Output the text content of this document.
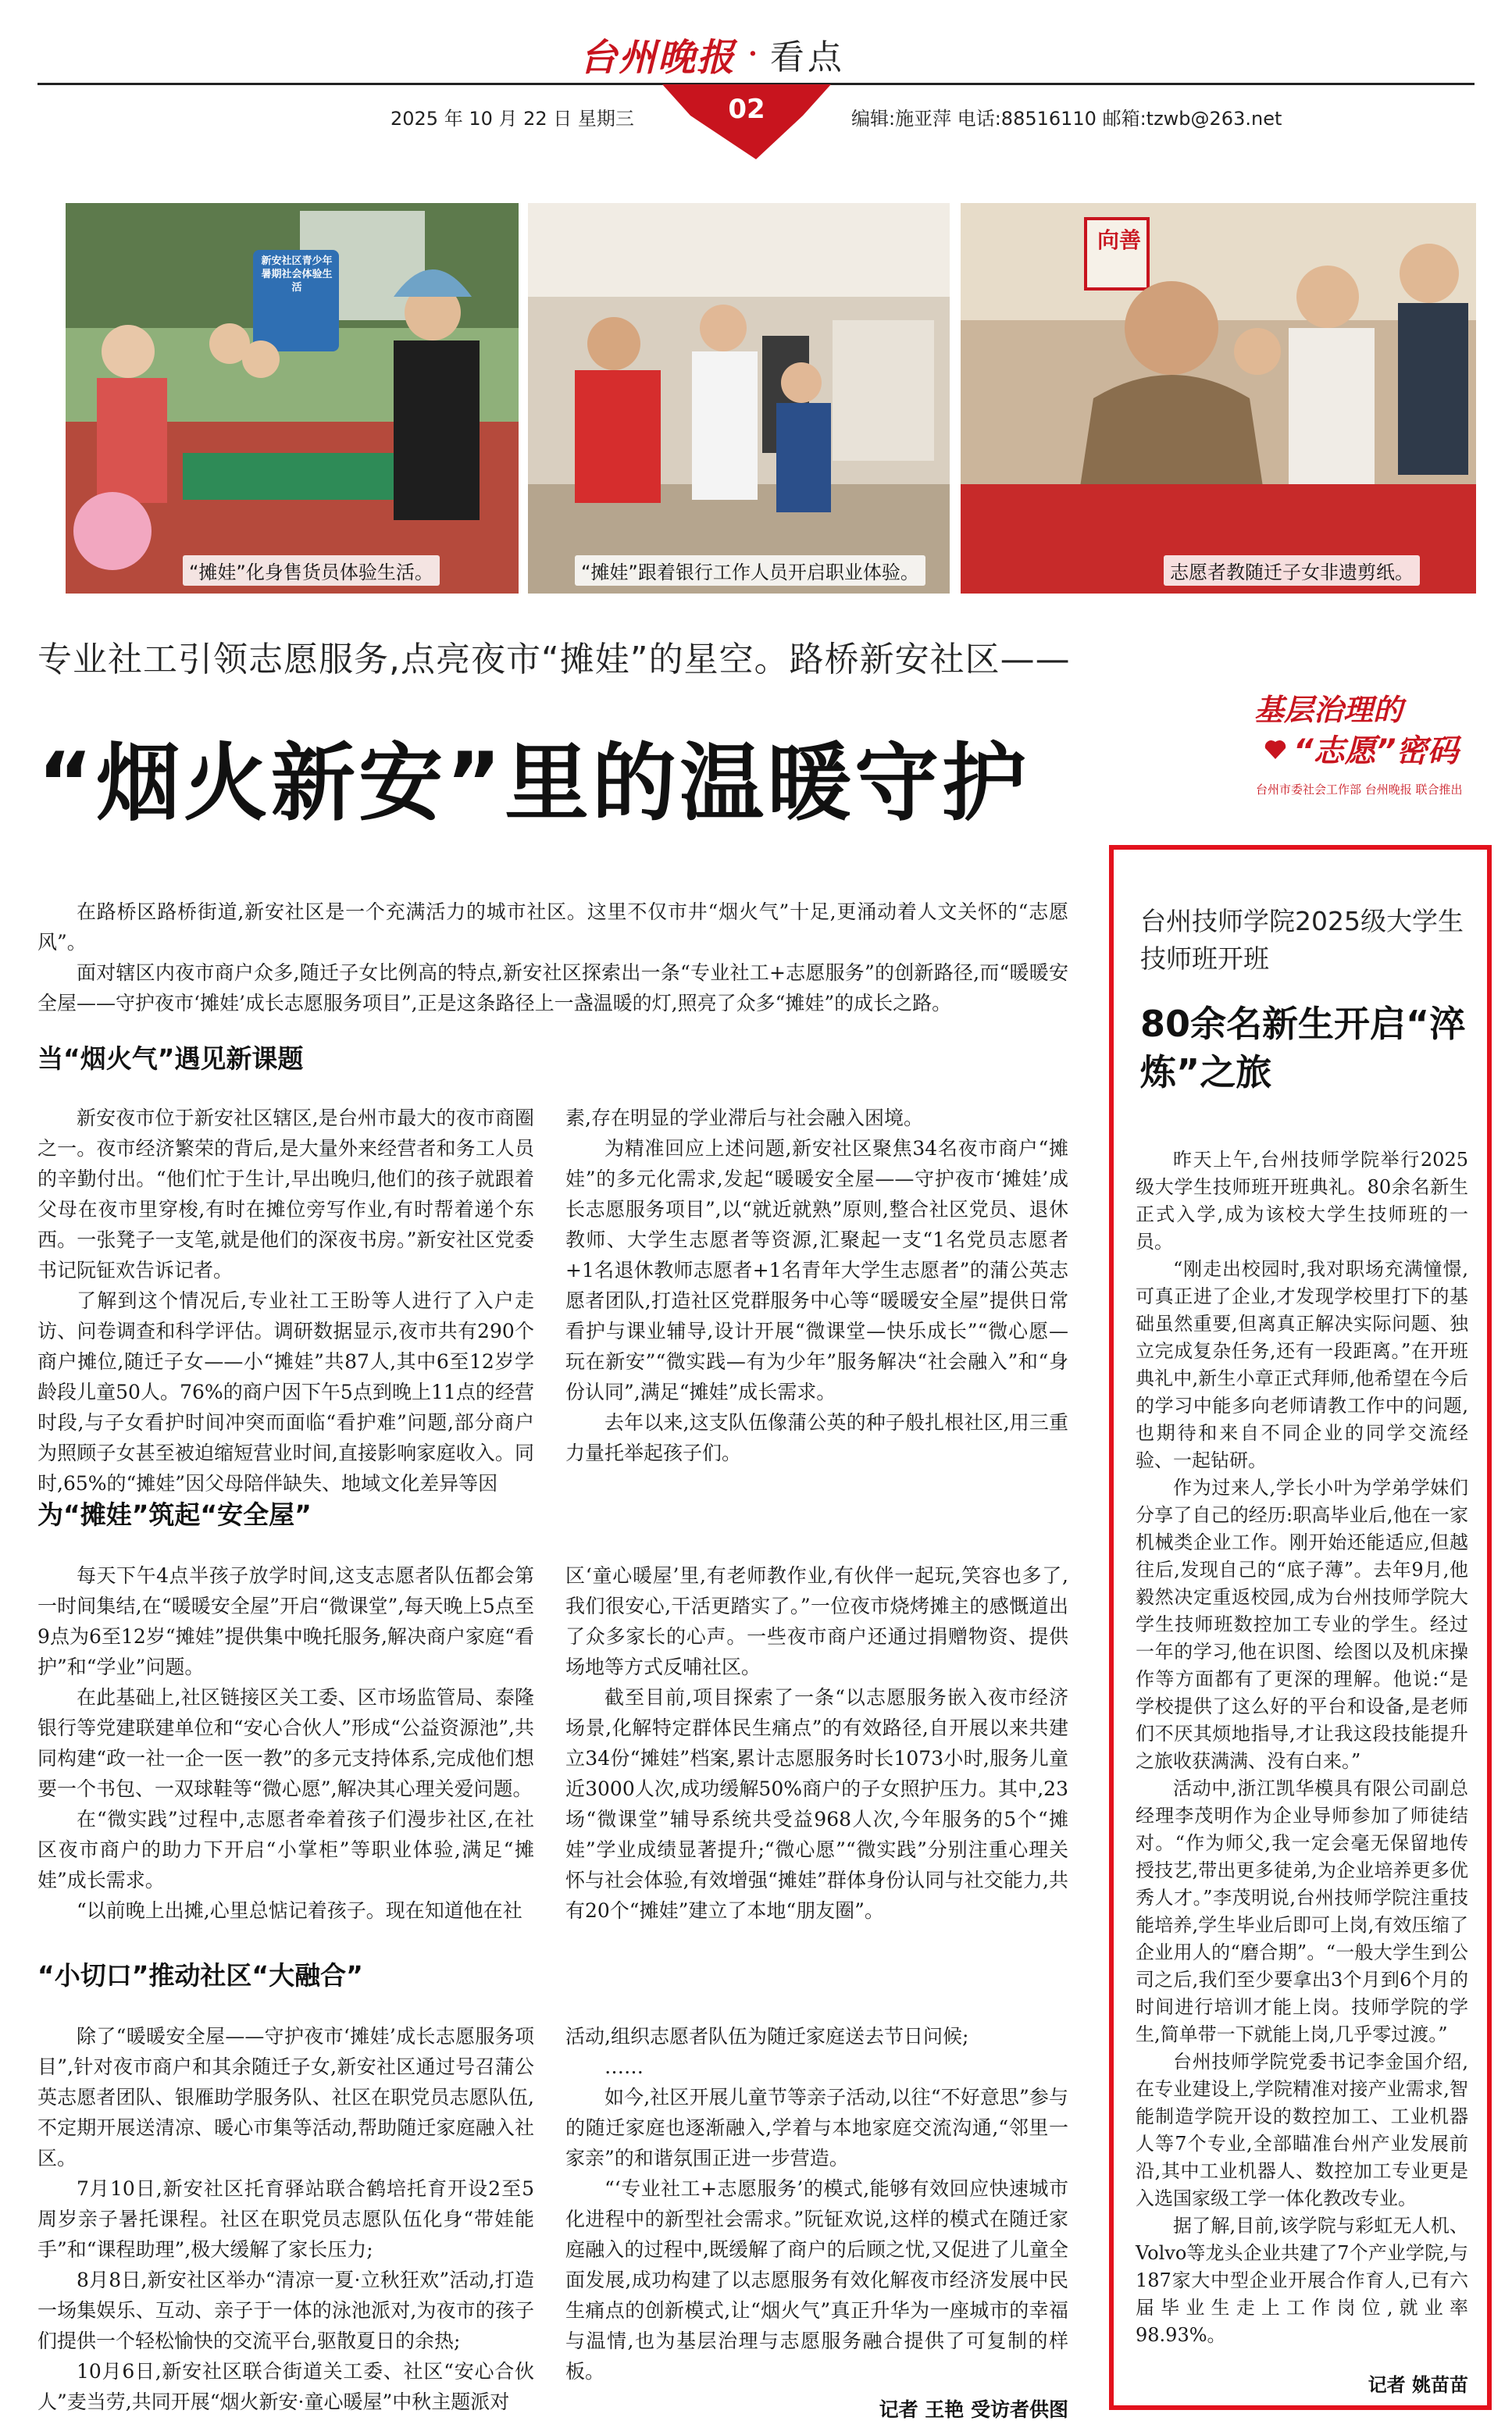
台州晚报 · 看点
2025 年 10 月 22 日 星期三	02	编辑:施亚萍 电话:88516110 邮箱:tzwb@263.net
“摊娃”化身售货员体验生活。	“摊娃”跟着银行工作人员开启职业体验。	志愿者教随迁子女非遗剪纸。
专业社工引领志愿服务,点亮夜市“摊娃”的星空。路桥新安社区——
“烟火新安”里的温暖守护
基层治理的
“志愿”密码
台州市委社会工作部 台州晚报 联合推出

在路桥区路桥街道,新安社区是一个充满活力的城市社区。这里不仅市井“烟火气”十足,更涌动着人文关怀的“志愿风”。

面对辖区内夜市商户众多,随迁子女比例高的特点,新安社区探索出一条“专业社工+志愿服务”的创新路径,而“暖暖安全屋——守护夜市‘摊娃’成长志愿服务项目”,正是这条路径上一盏温暖的灯,照亮了众多“摊娃”的成长之路。

当“烟火气”遇见新课题

新安夜市位于新安社区辖区,是台州市最大的夜市商圈之一。夜市经济繁荣的背后,是大量外来经营者和务工人员的辛勤付出。“他们忙于生计,早出晚归,他们的孩子就跟着父母在夜市里穿梭,有时在摊位旁写作业,有时帮着递个东西。一张凳子一支笔,就是他们的深夜书房。”新安社区党委书记阮钲欢告诉记者。

了解到这个情况后,专业社工王盼等人进行了入户走访、问卷调查和科学评估。调研数据显示,夜市共有290个商户摊位,随迁子女——小“摊娃”共87人,其中6至12岁学龄段儿童50人。76%的商户因下午5点到晚上11点的经营时段,与子女看护时间冲突而面临“看护难”问题,部分商户为照顾子女甚至被迫缩短营业时间,直接影响家庭收入。同时,65%的“摊娃”因父母陪伴缺失、地域文化差异等因

素,存在明显的学业滞后与社会融入困境。

为精准回应上述问题,新安社区聚焦34名夜市商户“摊娃”的多元化需求,发起“暖暖安全屋——守护夜市‘摊娃’成长志愿服务项目”,以“就近就熟”原则,整合社区党员、退休教师、大学生志愿者等资源,汇聚起一支“1名党员志愿者+1名退休教师志愿者+1名青年大学生志愿者”的蒲公英志愿者团队,打造社区党群服务中心等“暖暖安全屋”提供日常看护与课业辅导,设计开展“微课堂—快乐成长”“微心愿—玩在新安”“微实践—有为少年”服务解决“社会融入”和“身份认同”,满足“摊娃”成长需求。

去年以来,这支队伍像蒲公英的种子般扎根社区,用三重力量托举起孩子们。

为“摊娃”筑起“安全屋”

每天下午4点半孩子放学时间,这支志愿者队伍都会第一时间集结,在“暖暖安全屋”开启“微课堂”,每天晚上5点至9点为6至12岁“摊娃”提供集中晚托服务,解决商户家庭“看护”和“学业”问题。

在此基础上,社区链接区关工委、区市场监管局、泰隆银行等党建联建单位和“安心合伙人”形成“公益资源池”,共同构建“政一社一企一医一教”的多元支持体系,完成他们想要一个书包、一双球鞋等“微心愿”,解决其心理关爱问题。

在“微实践”过程中,志愿者牵着孩子们漫步社区,在社区夜市商户的助力下开启“小掌柜”等职业体验,满足“摊娃”成长需求。

“以前晚上出摊,心里总惦记着孩子。现在知道他在社

区‘童心暖屋’里,有老师教作业,有伙伴一起玩,笑容也多了,我们很安心,干活更踏实了。”一位夜市烧烤摊主的感慨道出了众多家长的心声。一些夜市商户还通过捐赠物资、提供场地等方式反哺社区。

截至目前,项目探索了一条“以志愿服务嵌入夜市经济场景,化解特定群体民生痛点”的有效路径,自开展以来共建立34份“摊娃”档案,累计志愿服务时长1073小时,服务儿童近3000人次,成功缓解50%商户的子女照护压力。其中,23场“微课堂”辅导系统共受益968人次,今年服务的5个“摊娃”学业成绩显著提升;“微心愿”“微实践”分别注重心理关怀与社会体验,有效增强“摊娃”群体身份认同与社交能力,共有20个“摊娃”建立了本地“朋友圈”。

“小切口”推动社区“大融合”

除了“暖暖安全屋——守护夜市‘摊娃’成长志愿服务项目”,针对夜市商户和其余随迁子女,新安社区通过号召蒲公英志愿者团队、银雁助学服务队、社区在职党员志愿队伍,不定期开展送清凉、暖心市集等活动,帮助随迁家庭融入社区。

7月10日,新安社区托育驿站联合鹤培托育开设2至5周岁亲子暑托课程。社区在职党员志愿队伍化身“带娃能手”和“课程助理”,极大缓解了家长压力;

8月8日,新安社区举办“清凉一夏·立秋狂欢”活动,打造一场集娱乐、互动、亲子于一体的泳池派对,为夜市的孩子们提供一个轻松愉快的交流平台,驱散夏日的余热;

10月6日,新安社区联合街道关工委、社区“安心合伙人”麦当劳,共同开展“烟火新安·童心暖屋”中秋主题派对

活动,组织志愿者队伍为随迁家庭送去节日问候;

……

如今,社区开展儿童节等亲子活动,以往“不好意思”参与的随迁家庭也逐渐融入,学着与本地家庭交流沟通,“邻里一家亲”的和谐氛围正进一步营造。

“‘专业社工+志愿服务’的模式,能够有效回应快速城市化进程中的新型社会需求。”阮钲欢说,这样的模式在随迁家庭融入的过程中,既缓解了商户的后顾之忧,又促进了儿童全面发展,成功构建了以志愿服务有效化解夜市经济发展中民生痛点的创新模式,让“烟火气”真正升华为一座城市的幸福与温情,也为基层治理与志愿服务融合提供了可复制的样板。

记者 王艳 受访者供图
台州技师学院2025级大学生技师班开班
80余名新生开启“淬炼”之旅

昨天上午,台州技师学院举行2025级大学生技师班开班典礼。80余名新生正式入学,成为该校大学生技师班的一员。

“刚走出校园时,我对职场充满憧憬,可真正进了企业,才发现学校里打下的基础虽然重要,但离真正解决实际问题、独立完成复杂任务,还有一段距离。”在开班典礼中,新生小章正式拜师,他希望在今后的学习中能多向老师请教工作中的问题,也期待和来自不同企业的同学交流经验、一起钻研。

作为过来人,学长小叶为学弟学妹们分享了自己的经历:职高毕业后,他在一家机械类企业工作。刚开始还能适应,但越往后,发现自己的“底子薄”。去年9月,他毅然决定重返校园,成为台州技师学院大学生技师班数控加工专业的学生。经过一年的学习,他在识图、绘图以及机床操作等方面都有了更深的理解。他说:“是学校提供了这么好的平台和设备,是老师们不厌其烦地指导,才让我这段技能提升之旅收获满满、没有白来。”

活动中,浙江凯华模具有限公司副总经理李茂明作为企业导师参加了师徒结对。“作为师父,我一定会毫无保留地传授技艺,带出更多徒弟,为企业培养更多优秀人才。”李茂明说,台州技师学院注重技能培养,学生毕业后即可上岗,有效压缩了企业用人的“磨合期”。“一般大学生到公司之后,我们至少要拿出3个月到6个月的时间进行培训才能上岗。技师学院的学生,简单带一下就能上岗,几乎零过渡。”

台州技师学院党委书记李金国介绍,在专业建设上,学院精准对接产业需求,智能制造学院开设的数控加工、工业机器人等7个专业,全部瞄准台州产业发展前沿,其中工业机器人、数控加工专业更是入选国家级工学一体化教改专业。

据了解,目前,该学院与彩虹无人机、Volvo等龙头企业共建了7个产业学院,与187家大中型企业开展合作育人,已有六届毕业生走上工作岗位,就业率98.93%。

记者 姚苗苗
新安社区青少年暑期社会体验生活
向善
